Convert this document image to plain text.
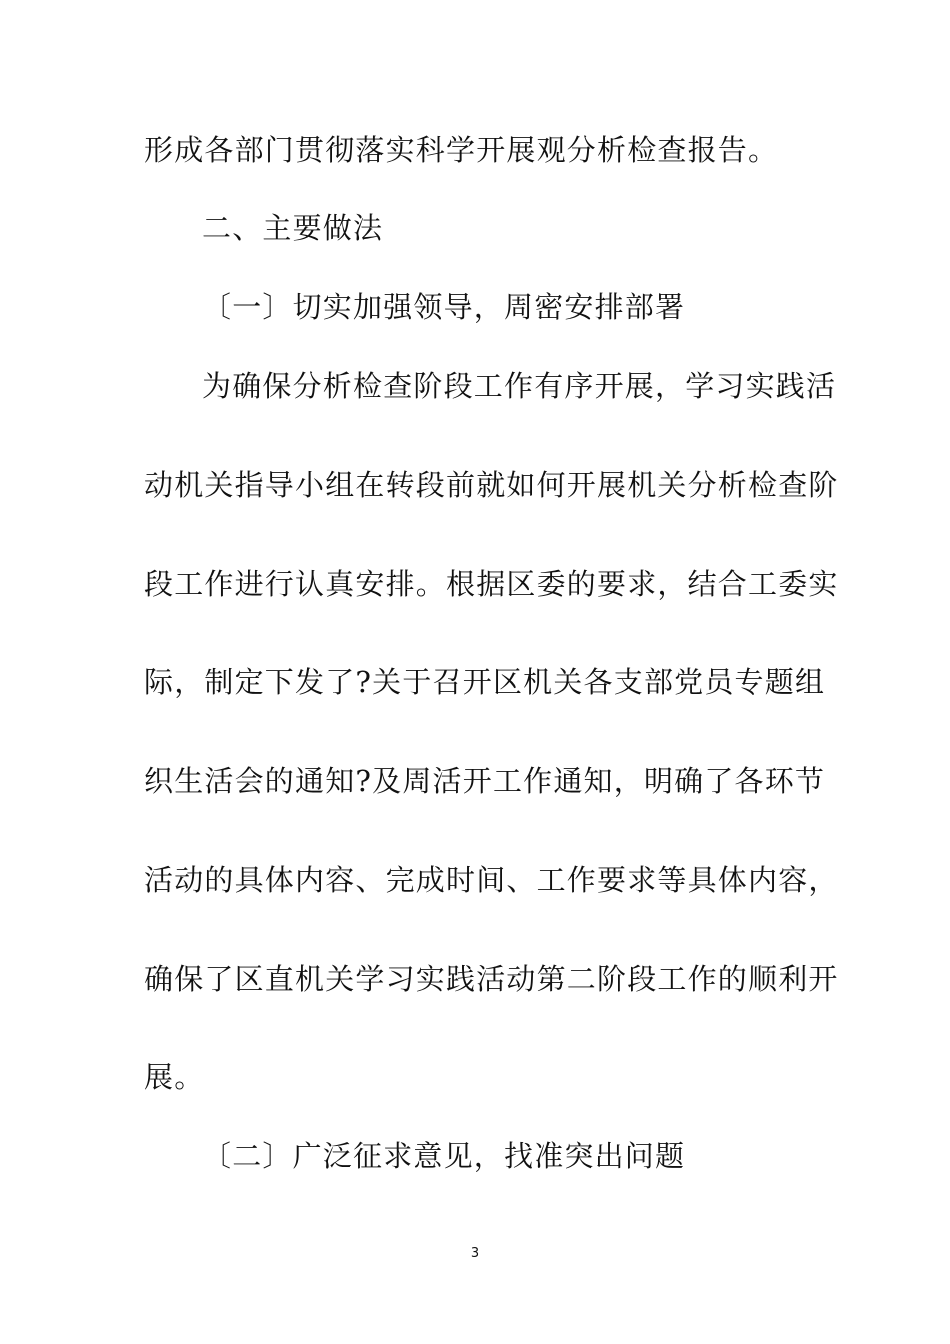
形成各部门贯彻落实科学开展观分析检查报告。
二、主要做法
〔一〕切实加强领导，周密安排部署
为确保分析检查阶段工作有序开展，学习实践活
动机关指导小组在转段前就如何开展机关分析检查阶
段工作进行认真安排。根据区委的要求，结合工委实
际，制定下发了?关于召开区机关各支部党员专题组
织生活会的通知?及周活开工作通知，明确了各环节
活动的具体内容、完成时间、工作要求等具体内容，
确保了区直机关学习实践活动第二阶段工作的顺利开
展。
〔二〕广泛征求意见，找准突出问题
3
